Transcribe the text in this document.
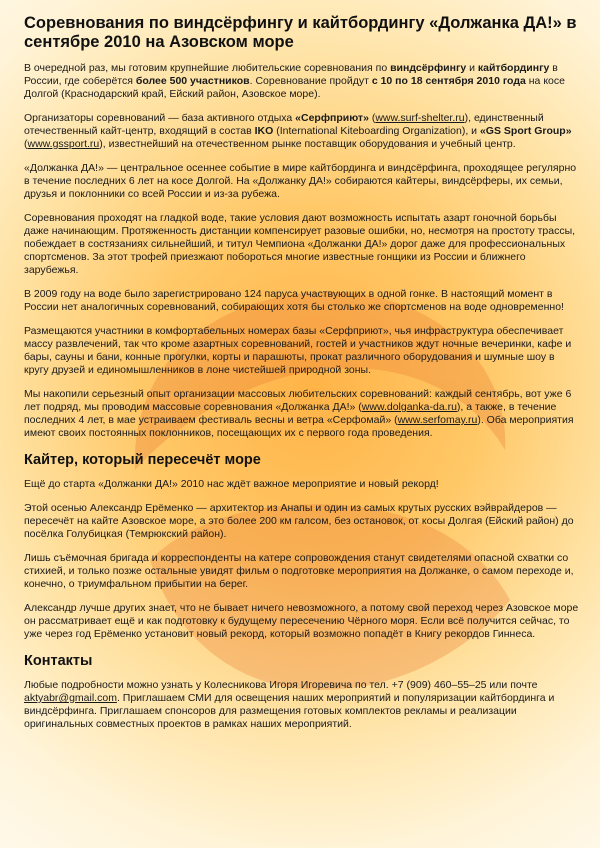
Соревнования по виндсёрфингу и кайтбордингу «Должанка ДА!» в сентябре 2010 на Азовском море

В очередной раз, мы готовим крупнейшие любительские соревнования по виндсёрфингу и кайтбордингу в России, где соберётся более 500 участников. Соревнование пройдут с 10 по 18 сентября 2010 года на косе Долгой (Краснодарский край, Ейский район, Азовское море).

Организаторы соревнований — база активного отдыха «Серфприют» (www.surf-shelter.ru), единственный отечественный кайт-центр, входящий в состав IKO (International Kiteboarding Organization), и «GS Sport Group» (www.gssport.ru), известнейший на отечественном рынке поставщик оборудования и учебный центр.

«Должанка ДА!» — центральное осеннее событие в мире кайтбординга и виндсёрфинга, проходящее регулярно в течение последних 6 лет на косе Долгой. На «Должанку ДА!» собираются кайтеры, виндсёрферы, их семьи, друзья и поклонники со всей России и из-за рубежа.

Соревнования проходят на гладкой воде, такие условия дают возможность испытать азарт гоночной борьбы даже начинающим. Протяженность дистанции компенсирует разовые ошибки, но, несмотря на простоту трассы, побеждает в состязаниях сильнейший, и титул Чемпиона «Должанки ДА!» дорог даже для профессиональных спортсменов. За этот трофей приезжают побороться многие известные гонщики из России и ближнего зарубежья.

В 2009 году на воде было зарегистрировано 124 паруса участвующих в одной гонке. В настоящий момент в России нет аналогичных соревнований, собирающих хотя бы столько же спортсменов на воде одновременно!

Размещаются участники в комфортабельных номерах базы «Серфприют», чья инфраструктура обеспечивает массу развлечений, так что кроме азартных соревнований, гостей и участников ждут ночные вечеринки, кафе и бары, сауны и бани, конные прогулки, корты и парашюты, прокат различного оборудования и шумные шоу в кругу друзей и единомышленников в лоне чистейшей природной зоны.

Мы накопили серьезный опыт организации массовых любительских соревнований: каждый сентябрь, вот уже 6 лет подряд, мы проводим массовые соревнования «Должанка ДА!» (www.dolganka-da.ru), а также, в течение последних 4 лет, в мае устраиваем фестиваль весны и ветра «Серфомай» (www.serfomay.ru). Оба мероприятия имеют своих постоянных поклонников, посещающих их с первого года проведения.

Кайтер, который пересечёт море

Ещё до старта «Должанки ДА!» 2010 нас ждёт важное мероприятие и новый рекорд!

Этой осенью Александр Ерёменко — архитектор из Анапы и один из самых крутых русских вэйврайдеров — пересечёт на кайте Азовское море, а это более 200 км галсом, без остановок, от косы Долгая (Ейский район) до посёлка Голубицкая (Темрюкский район).

Лишь съёмочная бригада и корреспонденты на катере сопровождения станут свидетелями опасной схватки со стихией, и только позже остальные увидят фильм о подготовке мероприятия на Должанке, о самом переходе и, конечно, о триумфальном прибытии на берег.

Александр лучше других знает, что не бывает ничего невозможного, а потому свой переход через Азовское море он рассматривает ещё и как подготовку к будущему пересечению Чёрного моря. Если всё получится сейчас, то уже через год Ерёменко установит новый рекорд, который возможно попадёт в Книгу рекордов Гиннеса.

Контакты

Любые подробности можно узнать у Колесникова Игоря Игоревича по тел. +7 (909) 460–55–25 или почте aktyabr@gmail.com. Приглашаем СМИ для освещения наших мероприятий и популяризации кайтбординга и виндсёрфинга. Приглашаем спонсоров для размещения готовых комплектов рекламы и реализации оригинальных совместных проектов в рамках наших мероприятий.
